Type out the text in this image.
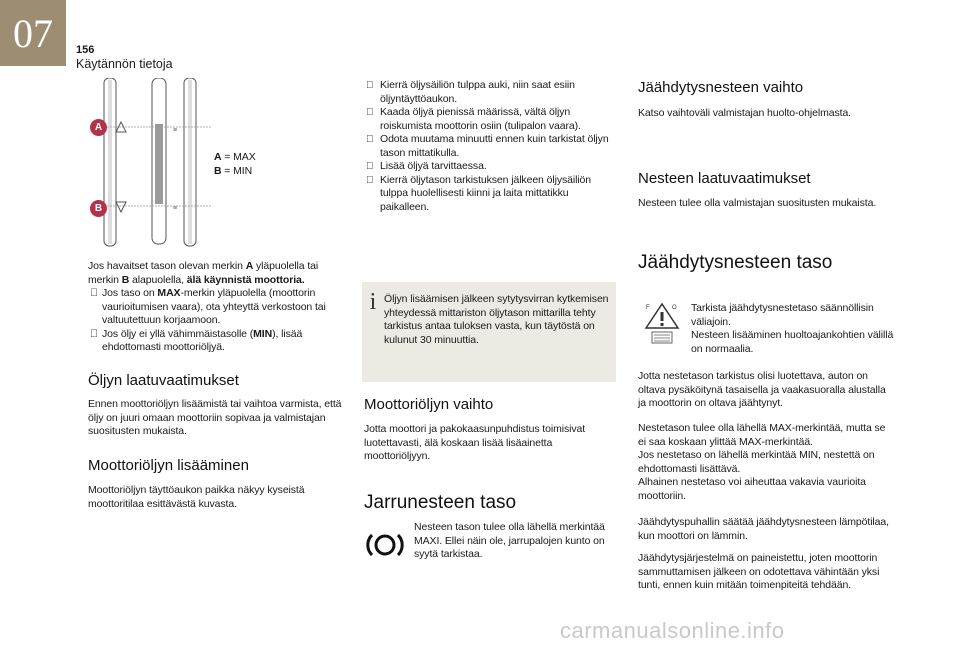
07	156
Käytännön tietoja
≡
≡
A
B
A = MAX
B = MIN
Jos havaitset tason olevan merkin A yläpuolella tai merkin B alapuolella, älä käynnistä moottoria.
Jos taso on MAX-merkin yläpuolella (moottorin vaurioitumisen vaara), ota yhteyttä verkostoon tai valtuutettuun korjaamoon.
Jos öljy ei yllä vähimmäistasolle (MIN), lisää ehdottomasti moottoriöljyä.
Öljyn laatuvaatimukset
Ennen moottoriöljyn lisäämistä tai vaihtoa varmista, että öljy on juuri omaan moottoriin sopivaa ja valmistajan suositusten mukaista.
Moottoriöljyn lisääminen
Moottoriöljyn täyttöaukon paikka näkyy kyseistä moottoritilaa esittävästä kuvasta.
Kierrä öljysäiliön tulppa auki, niin saat esiin öljyntäyttöaukon.
Kaada öljyä pienissä määrissä, vältä öljyn roiskumista moottorin osiin (tulipalon vaara).
Odota muutama minuutti ennen kuin tarkistat öljyn tason mittatikulla.
Lisää öljyä tarvittaessa.
Kierrä öljytason tarkistuksen jälkeen öljysäiliön tulppa huolellisesti kiinni ja laita mittatikku paikalleen.
i Öljyn lisäämisen jälkeen sytytysvirran kytkemisen yhteydessä mittariston öljytason mittarilla tehty tarkistus antaa tuloksen vasta, kun täytöstä on kulunut 30 minuuttia.
Moottoriöljyn vaihto
Jotta moottori ja pakokaasunpuhdistus toimisivat luotettavasti, älä koskaan lisää lisäainetta moottoriöljyyn.
Jarrunesteen taso
Nesteen tason tulee olla lähellä merkintää MAXI. Ellei näin ole, jarrupalojen kunto on syytä tarkistaa.
Jäähdytysnesteen vaihto
Katso vaihtoväli valmistajan huolto-ohjelmasta.
Nesteen laatuvaatimukset
Nesteen tulee olla valmistajan suositusten mukaista.
Jäähdytysnesteen taso
F	O Tarkista jäähdytysnestetaso säännöllisin väliajoin.
Nesteen lisääminen huoltoajankohtien välillä on normaalia.
Jotta nestetason tarkistus olisi luotettava, auton on oltava pysäköitynä tasaisella ja vaakasuoralla alustalla ja moottorin on oltava jäähtynyt.
Nestetason tulee olla lähellä MAX-merkintää, mutta se ei saa koskaan ylittää MAX-merkintää.
Jos nestetaso on lähellä merkintää MIN, nestettä on ehdottomasti lisättävä.
Alhainen nestetaso voi aiheuttaa vakavia vaurioita moottoriin.
Jäähdytyspuhallin säätää jäähdytysnesteen lämpötilaa, kun moottori on lämmin.
Jäähdytysjärjestelmä on paineistettu, joten moottorin sammuttamisen jälkeen on odotettava vähintään yksi tunti, ennen kuin mitään toimenpiteitä tehdään.
carmanualsonline.info
